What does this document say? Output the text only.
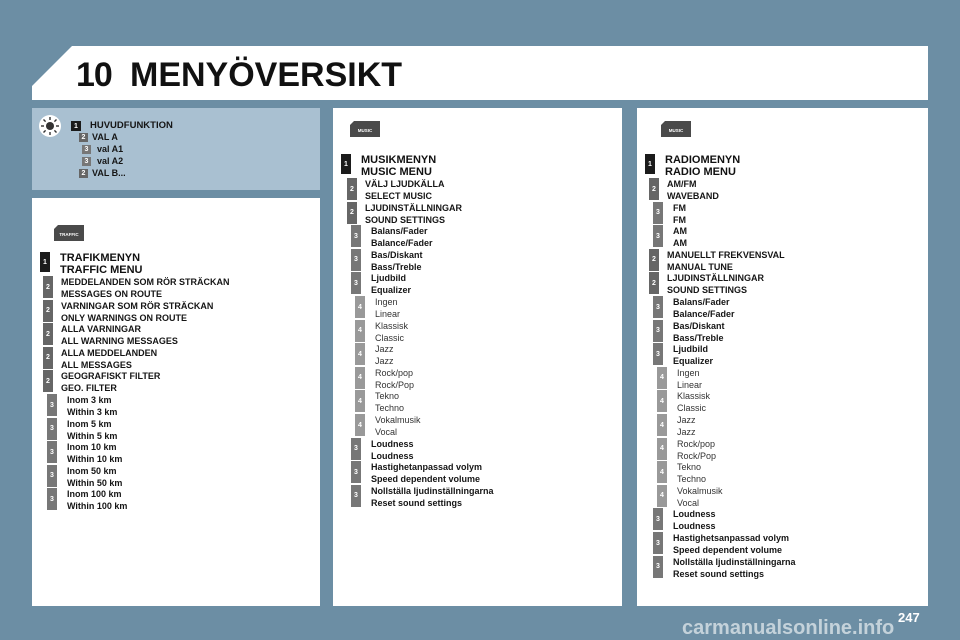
10 MENYÖVERSIKT
TRAFFIC
MUSIC	MUSIC
1	HUVUDFUNKTION
2 VAL A
3 val A1
3 val A2
2 VAL B...
1 TRAFIKMENYN
TRAFFIC MENU
2	MEDDELANDEN SOM RÖR STRÄCKAN
MESSAGES ON ROUTE
2	VARNINGAR SOM RÖR STRÄCKAN
ONLY WARNINGS ON ROUTE
2	ALLA VARNINGAR
ALL WARNING MESSAGES
2	ALLA MEDDELANDEN
ALL MESSAGES
2	GEOGRAFISKT FILTER
GEO. FILTER
3	Inom 3 km
Within 3 km
3	Inom 5 km
Within 5 km
3	Inom 10 km
Within 10 km
3	Inom 50 km
Within 50 km
3	Inom 100 km
Within 100 km
1 MUSIKMENYN
MUSIC MENU
2	VÄLJ LJUDKÄLLA
SELECT MUSIC
2	LJUDINSTÄLLNINGAR
SOUND SETTINGS
3	Balans/Fader
Balance/Fader
3	Bas/Diskant
Bass/Treble
3	Ljudbild
Equalizer
4	Ingen
Linear
4	Klassisk
Classic
4	Jazz
Jazz
4	Rock/pop
Rock/Pop
4	Tekno
Techno
4	Vokalmusik
Vocal
3	Loudness
Loudness
3	Hastighetanpassad volym
Speed dependent volume
3	Nollställa ljudinställningarna
Reset sound settings
1 RADIOMENYN
RADIO MENU
2	AM/FM
WAVEBAND
3	FM
FM
3	AM
AM
2	MANUELLT FREKVENSVAL
MANUAL TUNE
2	LJUDINSTÄLLNINGAR
SOUND SETTINGS
3	Balans/Fader
Balance/Fader
3	Bas/Diskant
Bass/Treble
3	Ljudbild
Equalizer
4	Ingen
Linear
4	Klassisk
Classic
4	Jazz
Jazz
4	Rock/pop
Rock/Pop
4	Tekno
Techno
4	Vokalmusik
Vocal
3	Loudness
Loudness
3	Hastighetsanpassad volym
Speed dependent volume
3	Nollställa ljudinställningarna
Reset sound settings
carmanualsonline.info 247
